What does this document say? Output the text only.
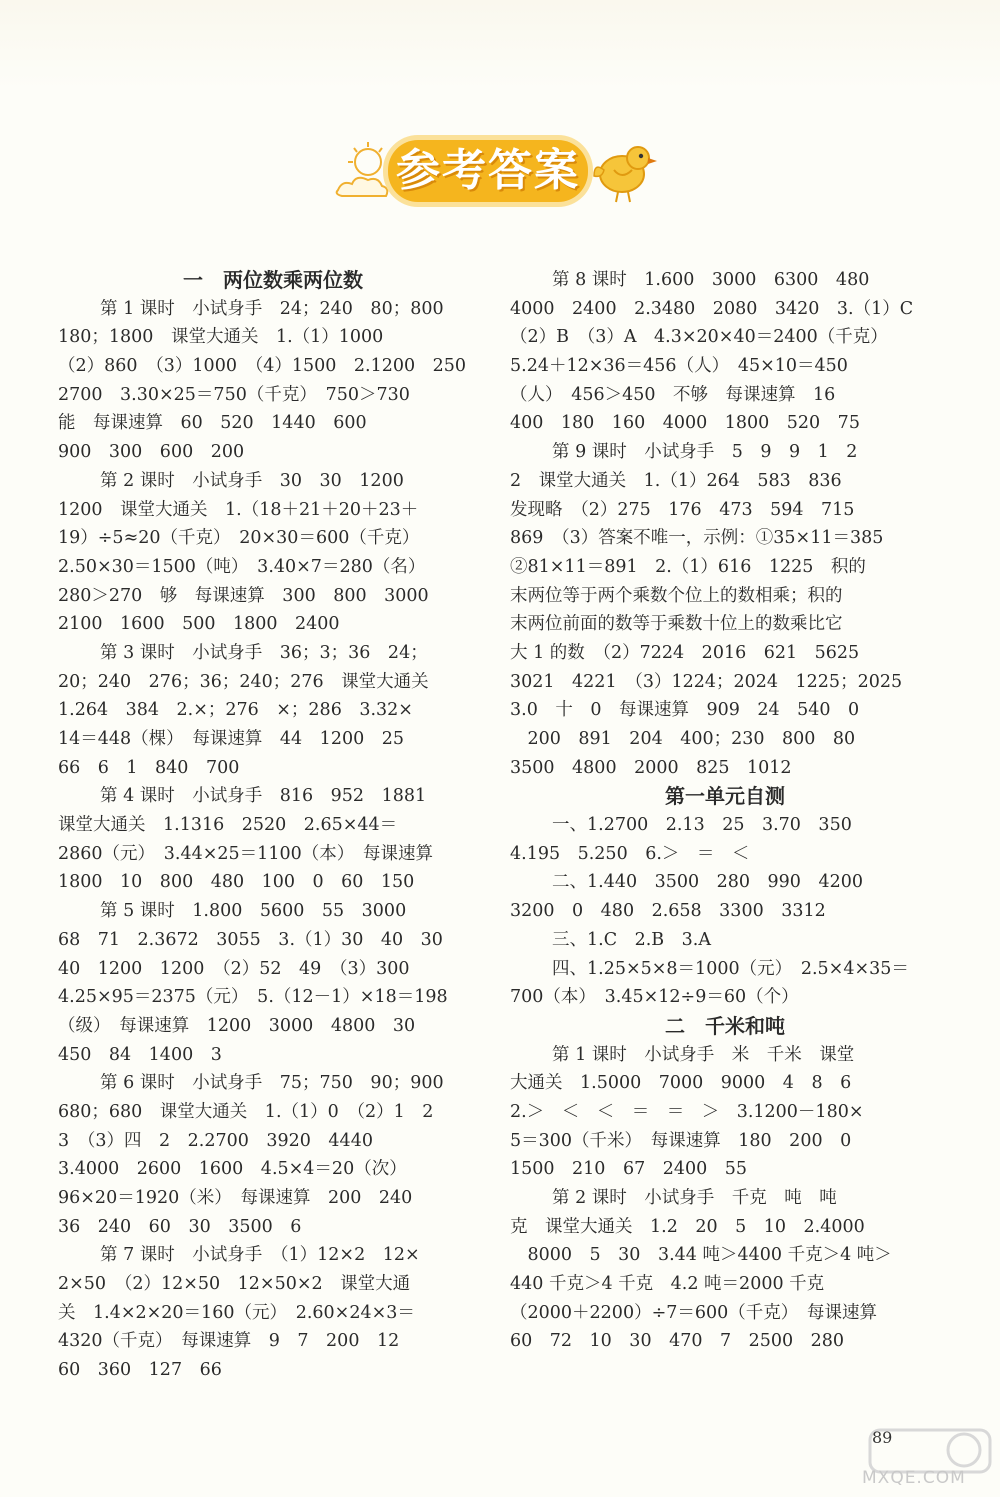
参考答案
一　两位数乘两位数
第 1 课时　小试身手　24；240　80；800
180；1800　课堂大通关　1.（1）1000
（2）860　（3）1000　（4）1500　2.1200　250
2700　3.30×25＝750（千克）　750＞730
能　每课速算　60　520　1440　600
900　300　600　200
第 2 课时　小试身手　30　30　1200
1200　课堂大通关　1.（18＋21＋20＋23＋
19）÷5≈20（千克）　20×30＝600（千克）
2.50×30＝1500（吨）　3.40×7＝280（名）
280＞270　够　每课速算　300　800　3000
2100　1600　500　1800　2400
第 3 课时　小试身手　36；3；36　24；
20；240　276；36；240；276　课堂大通关
1.264　384　2.×；276　×；286　3.32×
14＝448（棵）　每课速算　44　1200　25
66　6　1　840　700
第 4 课时　小试身手　816　952　1881
课堂大通关　1.1316　2520　2.65×44＝
2860（元）　3.44×25＝1100（本）　每课速算
1800　10　800　480　100　0　60　150
第 5 课时　1.800　5600　55　3000
68　71　2.3672　3055　3.（1）30　40　30
40　1200　1200　（2）52　49　（3）300
4.25×95＝2375（元）　5.（12－1）×18＝198
（级）　每课速算　1200　3000　4800　30
450　84　1400　3
第 6 课时　小试身手　75；750　90；900
680；680　课堂大通关　1.（1）0　（2）1　2
3　（3）四　2　2.2700　3920　4440
3.4000　2600　1600　4.5×4＝20（次）
96×20＝1920（米）　每课速算　200　240
36　240　60　30　3500　6
第 7 课时　小试身手　（1）12×2　12×
2×50　（2）12×50　12×50×2　课堂大通
关　1.4×2×20＝160（元）　2.60×24×3＝
4320（千克）　每课速算　9　7　200　12
60　360　127　66
第 8 课时　1.600　3000　6300　480
4000　2400　2.3480　2080　3420　3.（1）C
（2）B　（3）A　4.3×20×40＝2400（千克）
5.24＋12×36＝456（人）　45×10＝450
（人）　456＞450　不够　每课速算　16
400　180　160　4000　1800　520　75
第 9 课时　小试身手　5　9　9　1　2
2　课堂大通关　1.（1）264　583　836
发现略　（2）275　176　473　594　715
869　（3）答案不唯一，示例：①35×11＝385
②81×11＝891　2.（1）616　1225　积的
末两位等于两个乘数个位上的数相乘；积的
末两位前面的数等于乘数十位上的数乘比它
大 1 的数　（2）7224　2016　621　5625
3021　4221　（3）1224；2024　1225；2025
3.0　十　0　每课速算　909　24　540　0
　200　891　204　400；230　800　80
3500　4800　2000　825　1012
第一单元自测
一、1.2700　2.13　25　3.70　350
4.195　5.250　6.＞　＝　＜
二、1.440　3500　280　990　4200
3200　0　480　2.658　3300　3312
三、1.C　2.B　3.A
四、1.25×5×8＝1000（元）　2.5×4×35＝
700（本）　3.45×12÷9＝60（个）
二　千米和吨
第 1 课时　小试身手　米　千米　课堂
大通关　1.5000　7000　9000　4　8　6
2.＞　＜　＜　＝　＝　＞　3.1200－180×
5＝300（千米）　每课速算　180　200　0
1500　210　67　2400　55
第 2 课时　小试身手　千克　吨　吨
克　课堂大通关　1.2　20　5　10　2.4000
　8000　5　30　3.44 吨＞4400 千克＞4 吨＞
440 千克＞4 千克　4.2 吨＝2000 千克
（2000＋2200）÷7＝600（千克）　每课速算
60　72　10　30　470　7　2500　280
89
MXQE.COM
